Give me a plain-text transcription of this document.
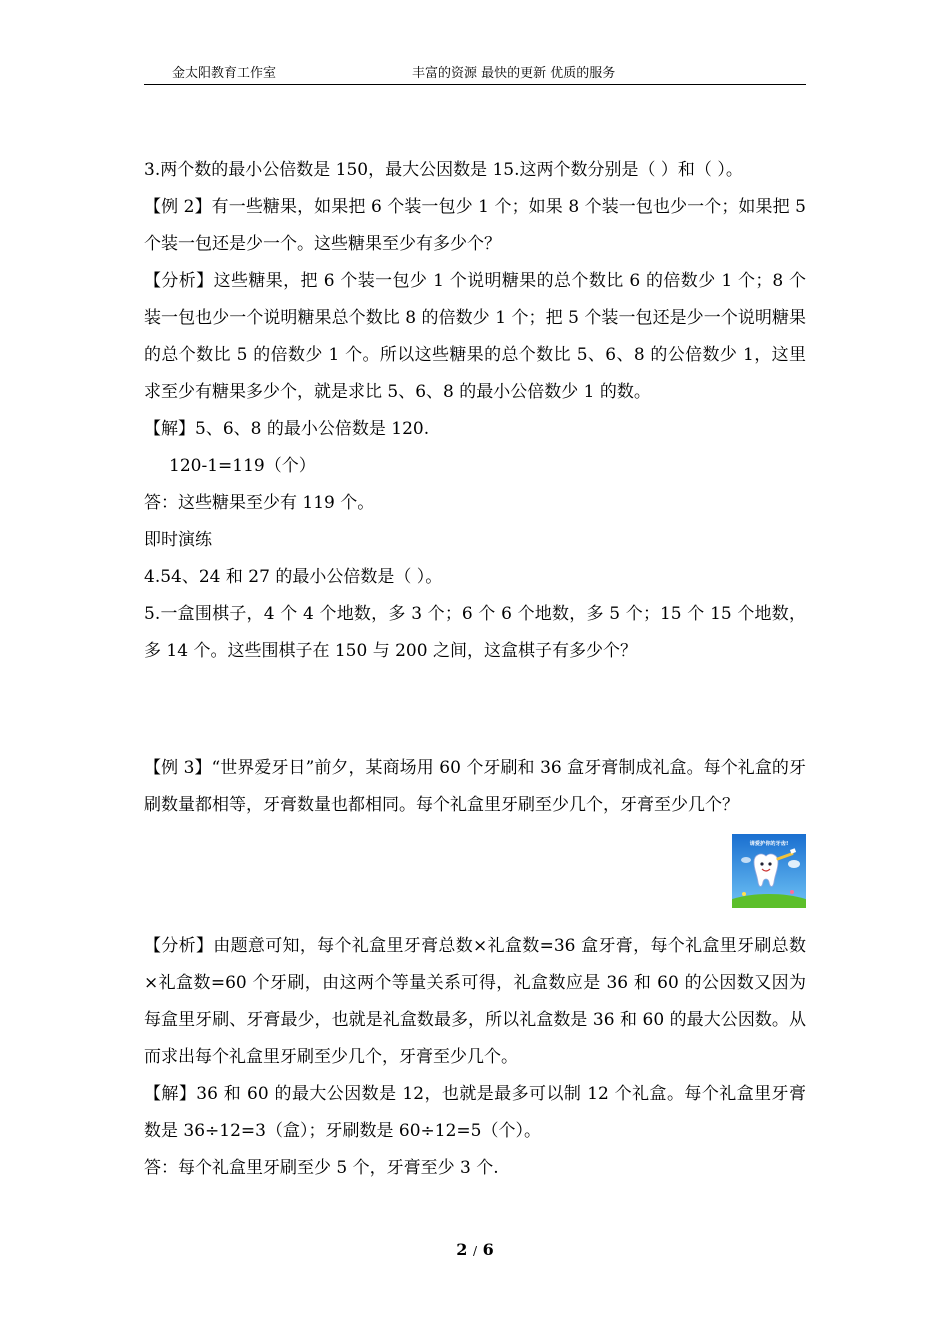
金太阳教育工作室	丰富的资源 最快的更新 优质的服务

3.两个数的最小公倍数是 150，最大公因数是 15.这两个数分别是（ ）和（ ）。

【例 2】有一些糖果，如果把 6 个装一包少 1 个；如果 8 个装一包也少一个；如果把 5 个装一包还是少一个。这些糖果至少有多少个？

【分析】这些糖果，把 6 个装一包少 1 个说明糖果的总个数比 6 的倍数少 1 个；8 个装一包也少一个说明糖果总个数比 8 的倍数少 1 个；把 5 个装一包还是少一个说明糖果的总个数比 5 的倍数少 1 个。所以这些糖果的总个数比 5、6、8 的公倍数少 1，这里求至少有糖果多少个，就是求比 5、6、8 的最小公倍数少 1 的数。

【解】5、6、8 的最小公倍数是 120.

120-1=119（个）

答：这些糖果至少有 119 个。

即时演练

4.54、24 和 27 的最小公倍数是（ ）。

5.一盒围棋子，4 个 4 个地数，多 3 个；6 个 6 个地数，多 5 个；15 个 15 个地数，多 14 个。这些围棋子在 150 与 200 之间，这盒棋子有多少个？

【例 3】“世界爱牙日”前夕，某商场用 60 个牙刷和 36 盒牙膏制成礼盒。每个礼盒的牙刷数量都相等，牙膏数量也都相同。每个礼盒里牙刷至少几个，牙膏至少几个？

请爱护你的牙齿!

【分析】由题意可知，每个礼盒里牙膏总数×礼盒数=36 盒牙膏，每个礼盒里牙刷总数×礼盒数=60 个牙刷，由这两个等量关系可得，礼盒数应是 36 和 60 的公因数又因为每盒里牙刷、牙膏最少，也就是礼盒数最多，所以礼盒数是 36 和 60 的最大公因数。从而求出每个礼盒里牙刷至少几个，牙膏至少几个。

【解】36 和 60 的最大公因数是 12，也就是最多可以制 12 个礼盒。每个礼盒里牙膏数是 36÷12=3（盒）；牙刷数是 60÷12=5（个）。

答：每个礼盒里牙刷至少 5 个，牙膏至少 3 个.

2 / 6
